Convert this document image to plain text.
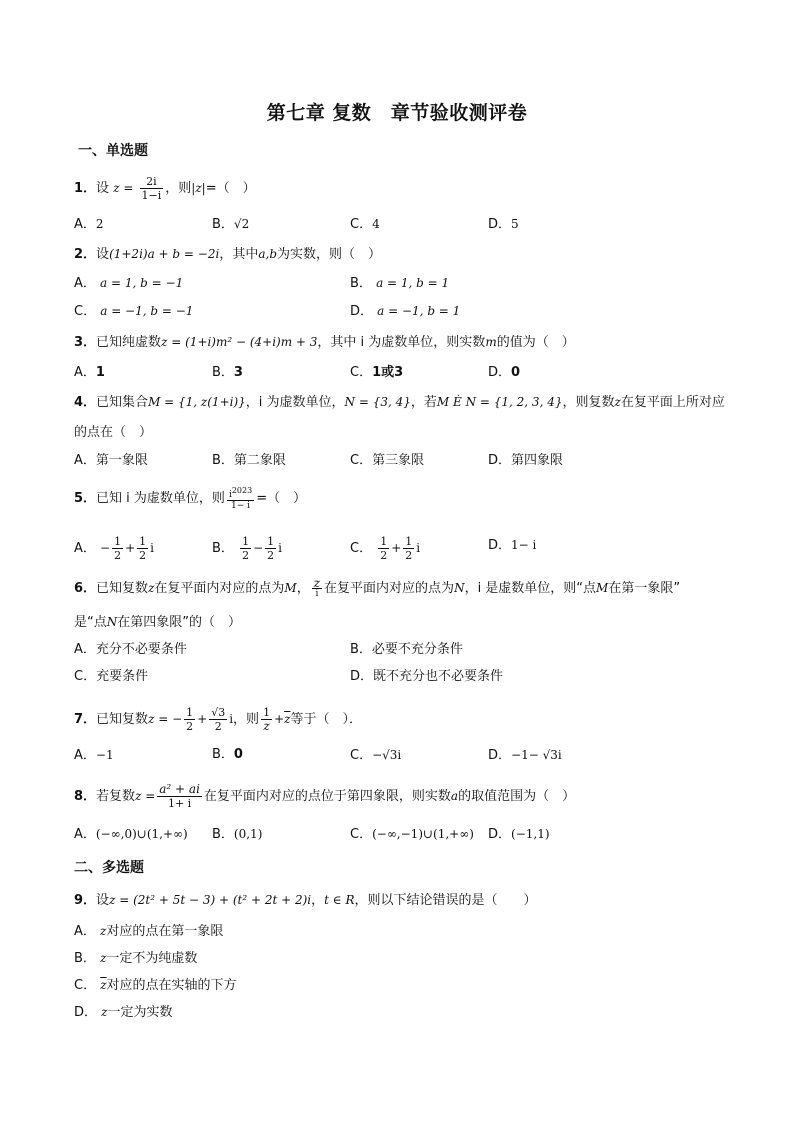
第七章 复数　章节验收测评卷
一、单选题
1．设 $z = \frac{2i}{1-i}$ ，则|z|=（　）
A．2	B．√2	C．4	D．5
2．设(1+2i)a + b = −2i，其中a,b为实数，则（　）
A． a = 1, b = −1	B． a = 1, b = 1
C． a = −1, b = −1	D． a = −1, b = 1
3．已知纯虚数z = (1+i)m² − (4+i)m + 3，其中 i 为虚数单位，则实数m的值为（　）
A．1	B．3	C．1或3	D．0
4．已知集合M = {1, z(1+i)}，i 为虚数单位，N = {3, 4}，若M È N = {1, 2, 3, 4}，则复数z在复平面上所对应
的点在（　）
A．第一象限	B．第二象限	C．第三象限	D．第四象限
5．已知 i 为虚数单位，则 $\frac{i^{2023}}{1- i}$ =（　）
A． − $\frac{1}{2} + \frac{1}{2}$ i	B． $\frac{1}{2} - \frac{1}{2}$ i	C． $\frac{1}{2} + \frac{1}{2}$ i	D．1− i
6．已知复数z在复平面内对应的点为M， $\frac{z}{i}$ 在复平面内对应的点为N，i 是虚数单位，则“点M在第一象限”
是“点N在第四象限”的（　）
A．充分不必要条件	B．必要不充分条件
C．充要条件	D．既不充分也不必要条件
7．已知复数z = − $\frac{1}{2} + \frac{√3}{2}$ i，则 $\frac{1}{z} +\overline{z}$等于（　）．
A．−1	B．0	C．−√3i	D．−1− √3i
8．若复数$z = \frac{\text{a² + ai}}{1+ i}$ 在复平面内对应的点位于第四象限，则实数a的取值范围为（　）
A．(−∞,0)∪(1,+∞) B．(0,1)	C．(−∞,−1)∪(1,+∞) D．(−1,1)
二、多选题
9．设z = (2t² + 5t − 3) + (t² + 2t + 2)i，t ∈ R，则以下结论错误的是（　　）
A． z对应的点在第一象限
B． z一定不为纯虚数
C． $\overline{z}$对应的点在实轴的下方
D． z一定为实数
